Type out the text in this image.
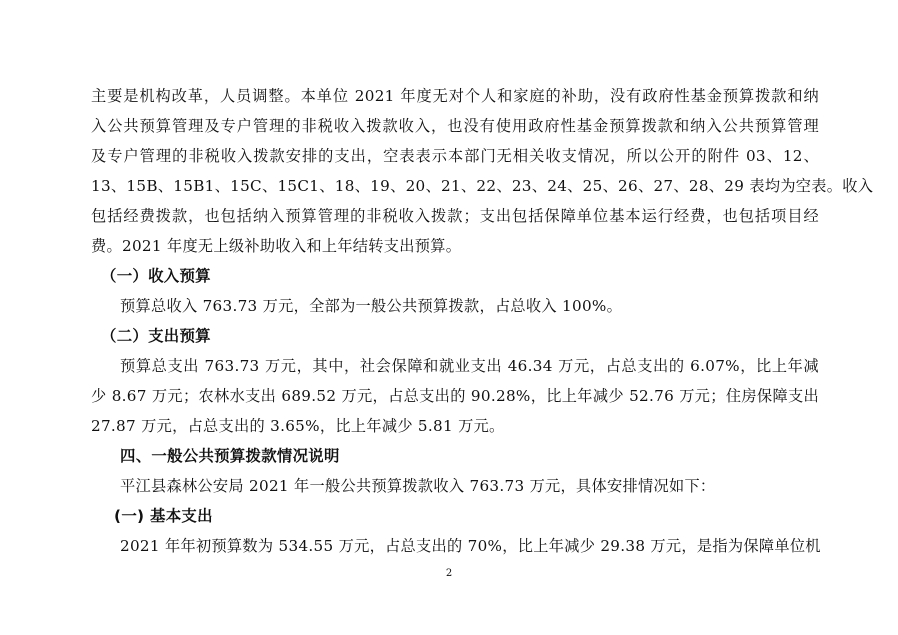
主要是机构改革，人员调整。本单位 2021 年度无对个人和家庭的补助，没有政府性基金预算拨款和纳
入公共预算管理及专户管理的非税收入拨款收入，也没有使用政府性基金预算拨款和纳入公共预算管理
及专户管理的非税收入拨款安排的支出，空表表示本部门无相关收支情况，所以公开的附件 03、12、
13、15B、15B1、15C、15C1、18、19、20、21、22、23、24、25、26、27、28、29 表均为空表。收入
包括经费拨款，也包括纳入预算管理的非税收入拨款；支出包括保障单位基本运行经费，也包括项目经
费。2021 年度无上级补助收入和上年结转支出预算。
（一）收入预算
预算总收入 763.73 万元，全部为一般公共预算拨款，占总收入 100%。
（二）支出预算
预算总支出 763.73 万元，其中，社会保障和就业支出 46.34 万元，占总支出的 6.07%，比上年减
少 8.67 万元；农林水支出 689.52 万元，占总支出的 90.28%，比上年减少 52.76 万元；住房保障支出
27.87 万元，占总支出的 3.65%，比上年减少 5.81 万元。
四、一般公共预算拨款情况说明
平江县森林公安局 2021 年一般公共预算拨款收入 763.73 万元，具体安排情况如下：
(一) 基本支出
2021 年年初预算数为 534.55 万元，占总支出的 70%，比上年减少 29.38 万元，是指为保障单位机
2
